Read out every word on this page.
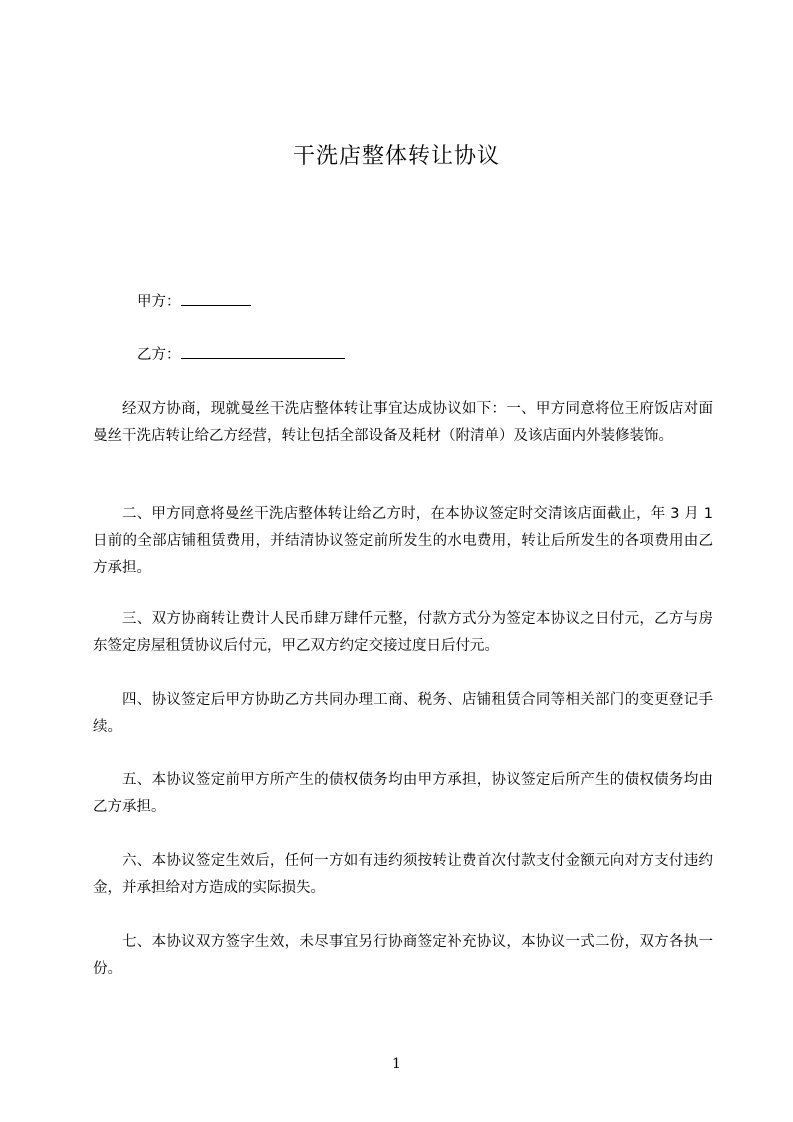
干洗店整体转让协议
甲方：
乙方：

经双方协商，现就曼丝干洗店整体转让事宜达成协议如下：一、甲方同意将位王府饭店对面曼丝干洗店转让给乙方经营，转让包括全部设备及耗材（附清单）及该店面内外装修装饰。

二、甲方同意将曼丝干洗店整体转让给乙方时，在本协议签定时交清该店面截止，年 3 月 1 日前的全部店铺租赁费用，并结清协议签定前所发生的水电费用，转让后所发生的各项费用由乙方承担。

三、双方协商转让费计人民币肆万肆仟元整，付款方式分为签定本协议之日付元，乙方与房东签定房屋租赁协议后付元，甲乙双方约定交接过度日后付元。

四、协议签定后甲方协助乙方共同办理工商、税务、店铺租赁合同等相关部门的变更登记手续。

五、本协议签定前甲方所产生的债权债务均由甲方承担，协议签定后所产生的债权债务均由乙方承担。

六、本协议签定生效后，任何一方如有违约须按转让费首次付款支付金额元向对方支付违约金，并承担给对方造成的实际损失。

七、本协议双方签字生效，未尽事宜另行协商签定补充协议，本协议一式二份，双方各执一份。

1
